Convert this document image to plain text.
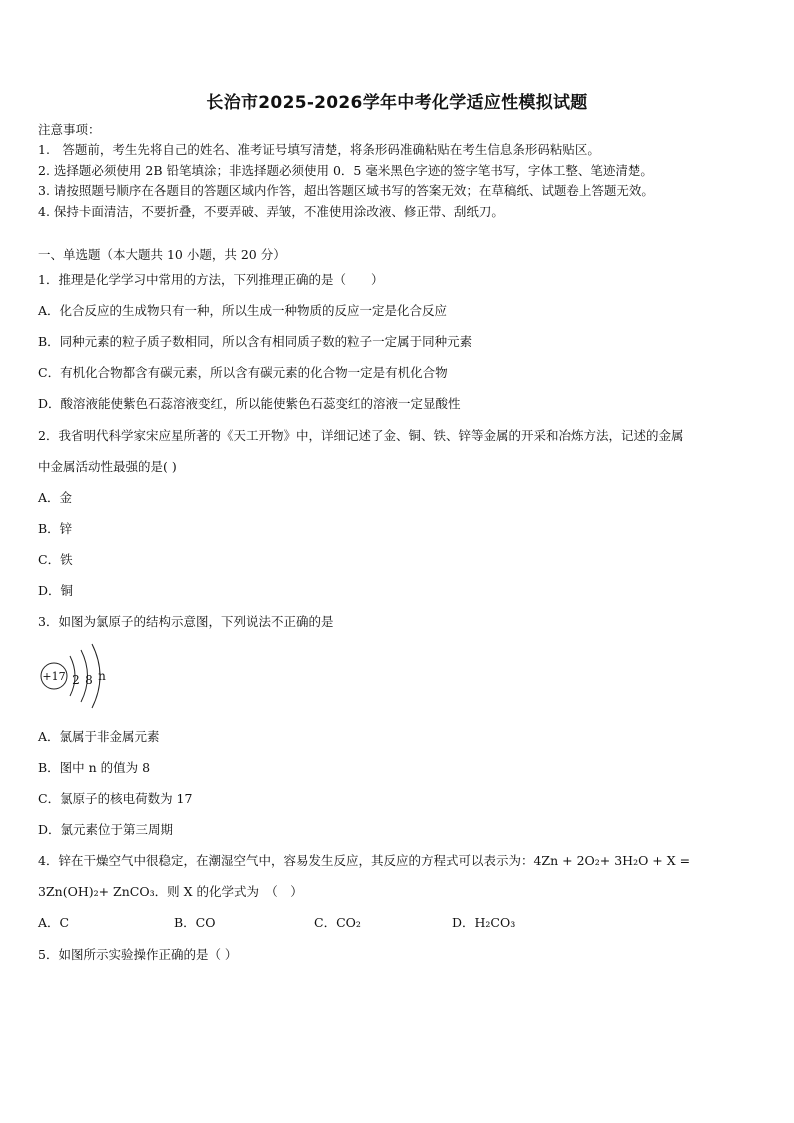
长治市2025-2026学年中考化学适应性模拟试题
注意事项：
1.　答题前，考生先将自己的姓名、准考证号填写清楚，将条形码准确粘贴在考生信息条形码粘贴区。
2. 选择题必须使用 2B 铅笔填涂；非选择题必须使用 0．5 毫米黑色字迹的签字笔书写，字体工整、笔迹清楚。
3. 请按照题号顺序在各题目的答题区域内作答，超出答题区域书写的答案无效；在草稿纸、试题卷上答题无效。
4. 保持卡面清洁，不要折叠，不要弄破、弄皱，不准使用涂改液、修正带、刮纸刀。
一、单选题（本大题共 10 小题，共 20 分）
1．推理是化学学习中常用的方法，下列推理正确的是（　　）
A．化合反应的生成物只有一种，所以生成一种物质的反应一定是化合反应
B．同种元素的粒子质子数相同，所以含有相同质子数的粒子一定属于同种元素
C．有机化合物都含有碳元素，所以含有碳元素的化合物一定是有机化合物
D．酸溶液能使紫色石蕊溶液变红，所以能使紫色石蕊变红的溶液一定显酸性
2．我省明代科学家宋应星所著的《天工开物》中，详细记述了金、铜、铁、锌等金属的开采和冶炼方法，记述的金属
中金属活动性最强的是( )
A．金
B．锌
C．铁
D．铜
3．如图为氯原子的结构示意图，下列说法不正确的是
+17 2 8 n
A．氯属于非金属元素
B．图中 n 的值为 8
C．氯原子的核电荷数为 17
D．氯元素位于第三周期
4．锌在干燥空气中很稳定，在潮湿空气中，容易发生反应，其反应的方程式可以表示为：4Zn + 2O₂+ 3H₂O + X =
3Zn(OH)₂+ ZnCO₃．则 X 的化学式为　（　）
A．C	B．CO	C．CO₂	D．H₂CO₃
5．如图所示实验操作正确的是（ ）
